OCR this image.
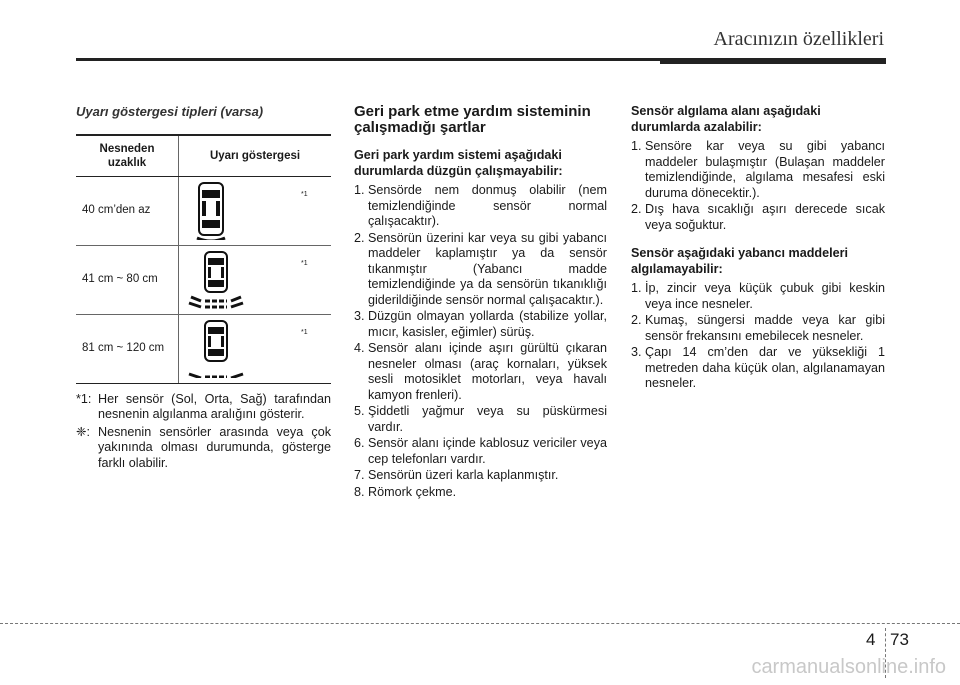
Aracınızın özellikleri
Uyarı göstergesi tipleri (varsa)
Nesneden uzaklık	Uyarı göstergesi
40 cm’den az	*1

41 cm ~ 80 cm	*1

81 cm ~ 120 cm	*1
*1: Her sensör (Sol, Orta, Sağ) tarafından nesnenin algılanma aralığını gösterir.
❈: Nesnenin sensörler arasında veya çok yakınında olması durumunda, gösterge farklı olabilir.
Geri park etme yardım sisteminin çalışmadığı şartlar
Geri park yardım sistemi aşağıdaki durumlarda düzgün çalışmayabilir:
1. Sensörde nem donmuş olabilir (nem temizlendiğinde sensör normal çalışacaktır).
2. Sensörün üzerini kar veya su gibi yabancı maddeler kaplamıştır ya da sensör tıkanmıştır (Yabancı madde temizlendiğinde ya da sensörün tıkanıklığı giderildiğinde sensör normal çalışacaktır.).
3. Düzgün olmayan yollarda (stabilize yollar, mıcır, kasisler, eğimler) sürüş.
4. Sensör alanı içinde aşırı gürültü çıkaran nesneler olması (araç kornaları, yüksek sesli motosiklet motorları, veya havalı kamyon frenleri).
5. Şiddetli yağmur veya su püskürmesi vardır.
6. Sensör alanı içinde kablosuz vericiler veya cep telefonları vardır.
7. Sensörün üzeri karla kaplanmıştır.
8. Römork çekme.
Sensör algılama alanı aşağıdaki durumlarda azalabilir:
1. Sensöre kar veya su gibi yabancı maddeler bulaşmıştır (Bulaşan maddeler temizlendiğinde, algılama mesafesi eski duruma dönecektir.).
2. Dış hava sıcaklığı aşırı derecede sıcak veya soğuktur.
Sensör aşağıdaki yabancı maddeleri algılamayabilir:
1. İp, zincir veya küçük çubuk gibi keskin veya ince nesneler.
2. Kumaş, süngersi madde veya kar gibi sensör frekansını emebilecek nesneler.
3. Çapı 14 cm’den dar ve yüksekliği 1 metreden daha küçük olan, algılanamayan nesneler.
4 73
carmanualsonline.info
